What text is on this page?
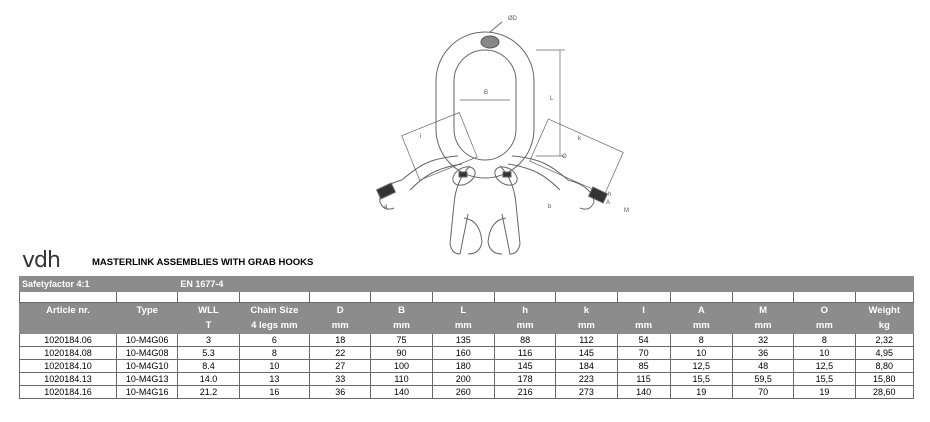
ØD
B
L
l	k
O
A
M
h
b
a
vdh	MASTERLINK ASSEMBLIES WITH GRAB HOOKS
Safetyfactor 4:1		EN 1677-4											

Article nr.	Type	WLL	Chain Size	D	B	L	h	k	l	A	M	O	Weight
		T	4 legs mm	mm	mm	mm	mm	mm	mm	mm	mm	mm	kg
1020184.06	10-M4G06	3	6	18	75	135	88	112	54	8	32	8	2,32
1020184.08	10-M4G08	5.3	8	22	90	160	116	145	70	10	36	10	4,95
1020184.10	10-M4G10	8.4	10	27	100	180	145	184	85	12,5	48	12,5	8,80
1020184.13	10-M4G13	14.0	13	33	110	200	178	223	115	15,5	59,5	15,5	15,80
1020184.16	10-M4G16	21.2	16	36	140	260	216	273	140	19	70	19	28,60
